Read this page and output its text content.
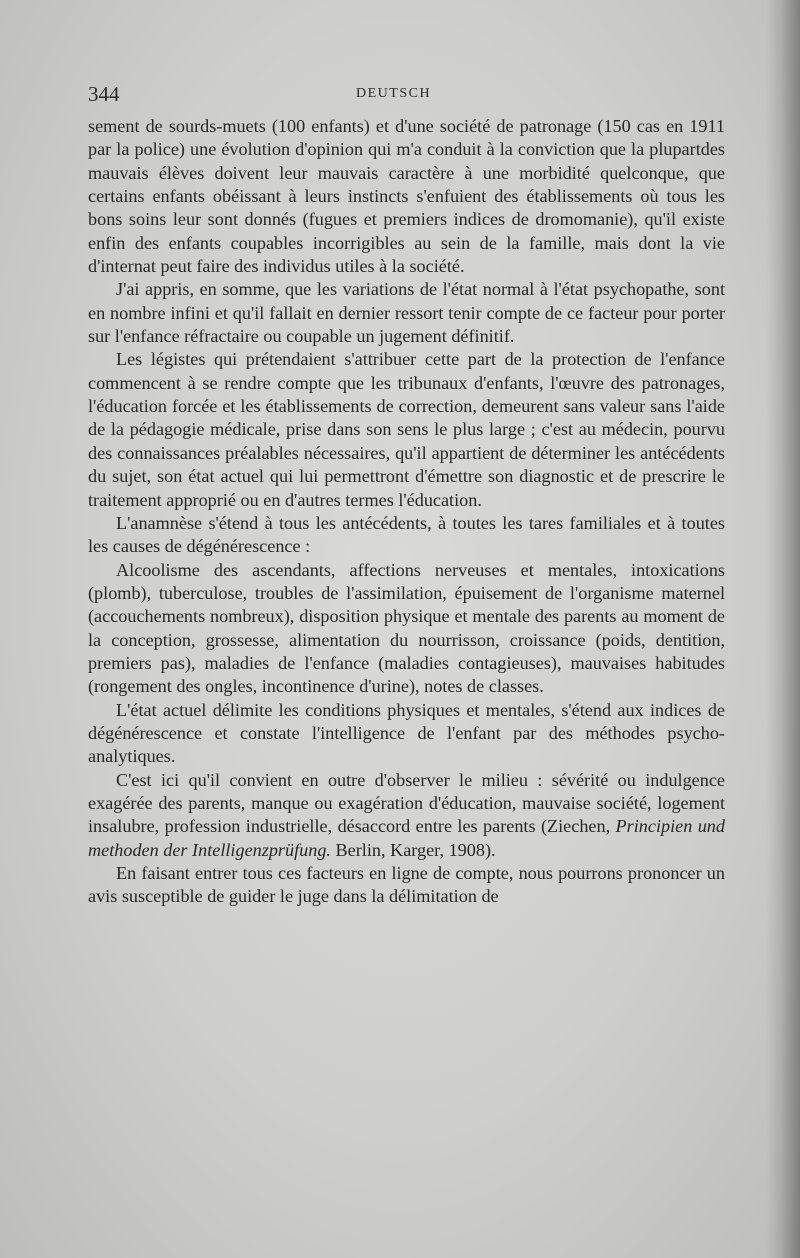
344	DEUTSCH

sement de sourds-muets (100 enfants) et d'une société de patronage (150 cas en 1911 par la police) une évolution d'opinion qui m'a conduit à la conviction que la plupartdes mauvais élèves doivent leur mauvais caractère à une morbidité quelconque, que certains enfants obéissant à leurs instincts s'enfuient des établissements où tous les bons soins leur sont donnés (fugues et premiers indices de dromomanie), qu'il existe enfin des enfants coupables incorrigibles au sein de la famille, mais dont la vie d'internat peut faire des individus utiles à la société.

J'ai appris, en somme, que les variations de l'état normal à l'état psychopathe, sont en nombre infini et qu'il fallait en dernier ressort tenir compte de ce facteur pour porter sur l'enfance réfractaire ou coupable un jugement définitif.

Les légistes qui prétendaient s'attribuer cette part de la protection de l'enfance commencent à se rendre compte que les tribunaux d'enfants, l'œuvre des patronages, l'éducation forcée et les établissements de correction, demeurent sans valeur sans l'aide de la pédagogie médicale, prise dans son sens le plus large ; c'est au médecin, pourvu des connaissances préalables nécessaires, qu'il appartient de déterminer les antécédents du sujet, son état actuel qui lui permettront d'émettre son diagnostic et de prescrire le traitement approprié ou en d'autres termes l'éducation.

L'anamnèse s'étend à tous les antécédents, à toutes les tares familiales et à toutes les causes de dégénérescence :

Alcoolisme des ascendants, affections nerveuses et mentales, intoxications (plomb), tuberculose, troubles de l'assimilation, épuisement de l'organisme maternel (accouchements nombreux), disposition physique et mentale des parents au moment de la conception, grossesse, alimentation du nourrisson, croissance (poids, dentition, premiers pas), maladies de l'enfance (maladies contagieuses), mauvaises habitudes (rongement des ongles, incontinence d'urine), notes de classes.

L'état actuel délimite les conditions physiques et mentales, s'étend aux indices de dégénérescence et constate l'intelligence de l'enfant par des méthodes psycho-analytiques.

C'est ici qu'il convient en outre d'observer le milieu : sévérité ou indulgence exagérée des parents, manque ou exagération d'éducation, mauvaise société, logement insalubre, profession industrielle, désaccord entre les parents (Ziechen, Principien und methoden der Intelligenzprüfung. Berlin, Karger, 1908).

En faisant entrer tous ces facteurs en ligne de compte, nous pourrons prononcer un avis susceptible de guider le juge dans la délimitation de
